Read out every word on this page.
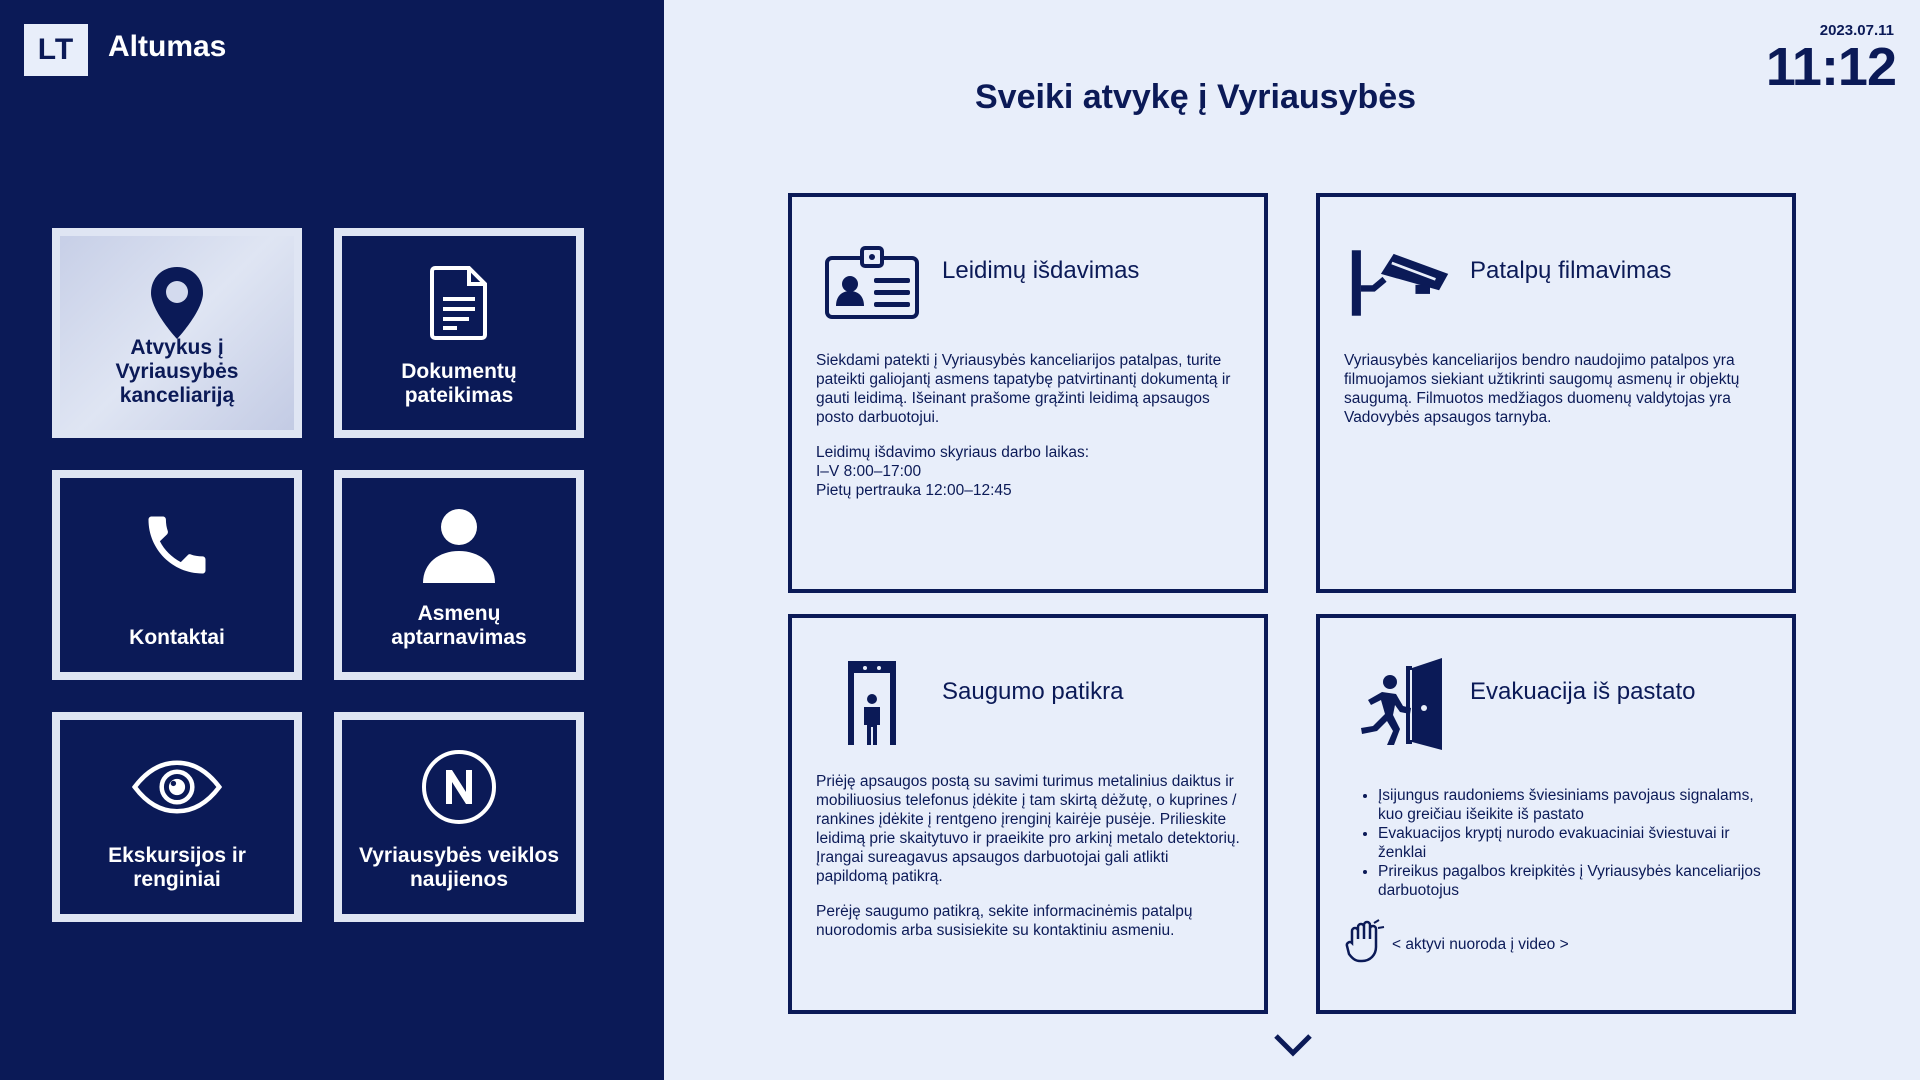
LT	Altumas
Atvykus į Vyriausybės kanceliariją
Dokumentų pateikimas
Kontaktai
Asmenų aptarnavimas
Ekskursijos ir renginiai
Vyriausybės veiklos naujienos
2023.07.11
11:12
Sveiki atvykę į Vyriausybės
Leidimų išdavimas

Siekdami patekti į Vyriausybės kanceliarijos patalpas, turite pateikti galiojantį asmens tapatybę patvirtinantį dokumentą ir gauti leidimą. Išeinant prašome grąžinti leidimą apsaugos posto darbuotojui.

Leidimų išdavimo skyriaus darbo laikas:
I–V 8:00–17:00
Pietų pertrauka 12:00–12:45
Patalpų filmavimas

Vyriausybės kanceliarijos bendro naudojimo patalpos yra filmuojamos siekiant užtikrinti saugomų asmenų ir objektų saugumą. Filmuotos medžiagos duomenų valdytojas yra Vadovybės apsaugos tarnyba.

Saugumo patikra

Priėję apsaugos postą su savimi turimus metalinius daiktus ir mobiliuosius telefonus įdėkite į tam skirtą dėžutę, o kuprines / rankines įdėkite į rentgeno įrenginį kairėje pusėje. Prilieskite leidimą prie skaitytuvo ir praeikite pro arkinį metalo detektorių. Įrangai sureagavus apsaugos darbuotojai gali atlikti papildomą patikrą.

Perėję saugumo patikrą, sekite informacinėmis patalpų nuorodomis arba susisiekite su kontaktiniu asmeniu.

Evakuacija iš pastato
• Įsijungus raudoniems šviesiniams pavojaus signalams, kuo greičiau išeikite iš pastato
• Evakuacijos kryptį nurodo evakuaciniai šviestuvai ir ženklai
• Prireikus pagalbos kreipkitės į Vyriausybės kanceliarijos darbuotojus
< aktyvi nuoroda į video >
